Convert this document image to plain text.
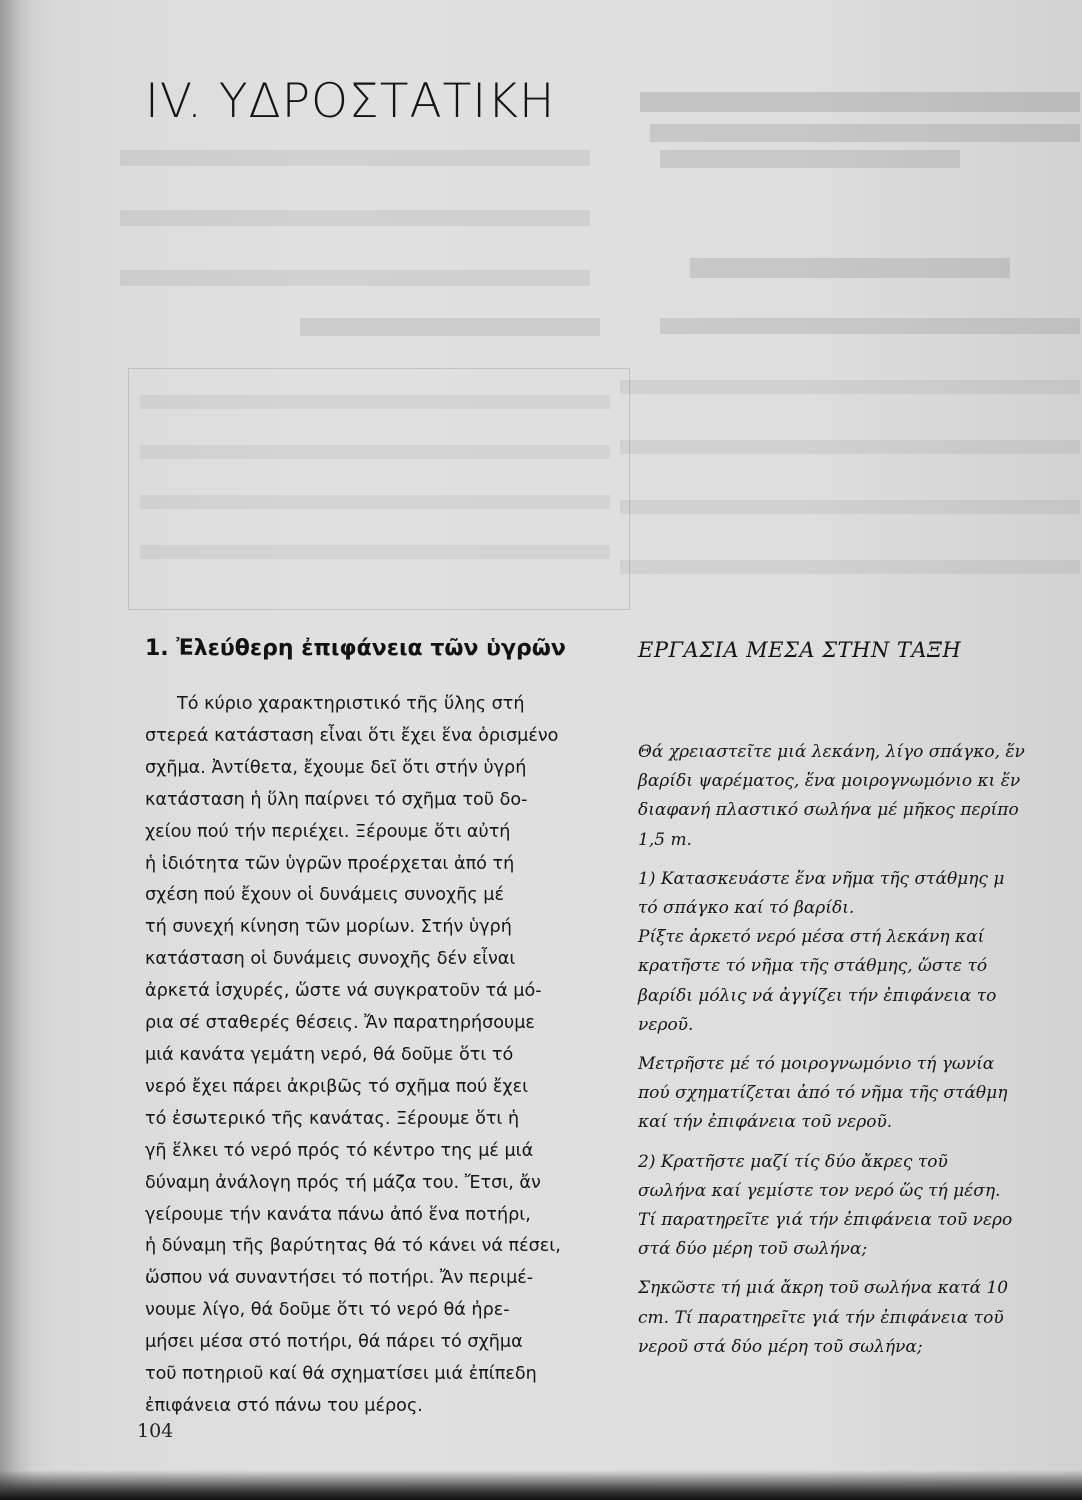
IV. ΥΔΡΟΣΤΑΤΙΚΗ
1. Ἐλεύθερη ἐπιφάνεια τῶν ὑγρῶν
Τό κύριο χαρακτηριστικό τῆς ὕλης στή
στερεά κατάσταση εἶναι ὅτι ἔχει ἕνα ὁρισμένο
σχῆμα. Ἀντίθετα, ἔχουμε δεῖ ὅτι στήν ὑγρή
κατάσταση ἡ ὕλη παίρνει τό σχῆμα τοῦ δο-
χείου πού τήν περιέχει. Ξέρουμε ὅτι αὐτή
ἡ ἰδιότητα τῶν ὑγρῶν προέρχεται ἀπό τή
σχέση πού ἔχουν οἱ δυνάμεις συνοχῆς μέ
τή συνεχή κίνηση τῶν μορίων. Στήν ὑγρή
κατάσταση οἱ δυνάμεις συνοχῆς δέν εἶναι
ἀρκετά ἰσχυρές, ὥστε νά συγκρατοῦν τά μό-
ρια σέ σταθερές θέσεις. Ἄν παρατηρήσουμε
μιά κανάτα γεμάτη νερό, θά δοῦμε ὅτι τό
νερό ἔχει πάρει ἀκριβῶς τό σχῆμα πού ἔχει
τό ἐσωτερικό τῆς κανάτας. Ξέρουμε ὅτι ἡ
γῆ ἕλκει τό νερό πρός τό κέντρο της μέ μιά
δύναμη ἀνάλογη πρός τή μάζα του. Ἔτσι, ἄν
γείρουμε τήν κανάτα πάνω ἀπό ἕνα ποτήρι,
ἡ δύναμη τῆς βαρύτητας θά τό κάνει νά πέσει,
ὥσπου νά συναντήσει τό ποτήρι. Ἄν περιμέ-
νουμε λίγο, θά δοῦμε ὅτι τό νερό θά ἠρε-
μήσει μέσα στό ποτήρι, θά πάρει τό σχῆμα
τοῦ ποτηριοῦ καί θά σχηματίσει μιά ἐπίπεδη
ἐπιφάνεια στό πάνω του μέρος.
ΕΡΓΑΣΙΑ ΜΕΣΑ ΣΤΗΝ ΤΑΞΗ

Θά χρειαστεῖτε μιά λεκάνη, λίγο σπάγκο, ἕν
βαρίδι ψαρέματος, ἕνα μοιρογνωμόνιο κι ἕν
διαφανή πλαστικό σωλήνα μέ μῆκος περίπο
1,5 m.

1) Κατασκευάστε ἕνα νῆμα τῆς στάθμης μ
τό σπάγκο καί τό βαρίδι.
Ρίξτε ἀρκετό νερό μέσα στή λεκάνη καί
κρατῆστε τό νῆμα τῆς στάθμης, ὥστε τό
βαρίδι μόλις νά ἀγγίζει τήν ἐπιφάνεια το
νεροῦ.

Μετρῆστε μέ τό μοιρογνωμόνιο τή γωνία
πού σχηματίζεται ἀπό τό νῆμα τῆς στάθμη
καί τήν ἐπιφάνεια τοῦ νεροῦ.

2) Κρατῆστε μαζί τίς δύο ἄκρες τοῦ
σωλήνα καί γεμίστε τον νερό ὥς τή μέση.
Τί παρατηρεῖτε γιά τήν ἐπιφάνεια τοῦ νερο
στά δύο μέρη τοῦ σωλήνα;

Σηκῶστε τή μιά ἄκρη τοῦ σωλήνα κατά 10
cm. Τί παρατηρεῖτε γιά τήν ἐπιφάνεια τοῦ
νεροῦ στά δύο μέρη τοῦ σωλήνα;

104
